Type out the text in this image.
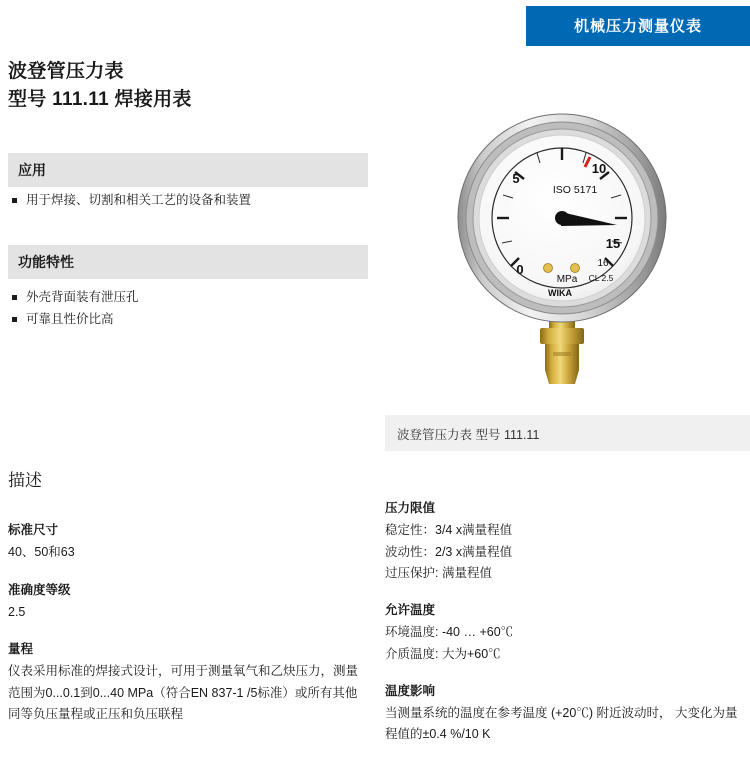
机械压力测量仪表
波登管压力表
型号 111.11 焊接用表
应用
用于焊接、切割和相关工艺的设备和装置
功能特性
外壳背面装有泄压孔
可靠且性价比高
0
5
10
15
16
ISO 5171
MPa CL 2.5
WIKA
波登管压力表 型号 111.11
描述
标准尺寸

40、50和63

准确度等级

2.5

量程

仪表采用标准的焊接式设计，可用于测量氧气和乙炔压力，测量范围为0...0.1到0...40 MPa（符合EN 837-1 /5标准）或所有其他同等负压量程或正压和负压联程

压力限值

稳定性：3/4 x满量程值

波动性：2/3 x满量程值

过压保护: 满量程值

允许温度

环境温度: -40 … +60℃

介质温度: 大为+60℃

温度影响

当测量系统的温度在参考温度 (+20℃) 附近波动时， 大变化为量程值的±0.4 %/10 K
